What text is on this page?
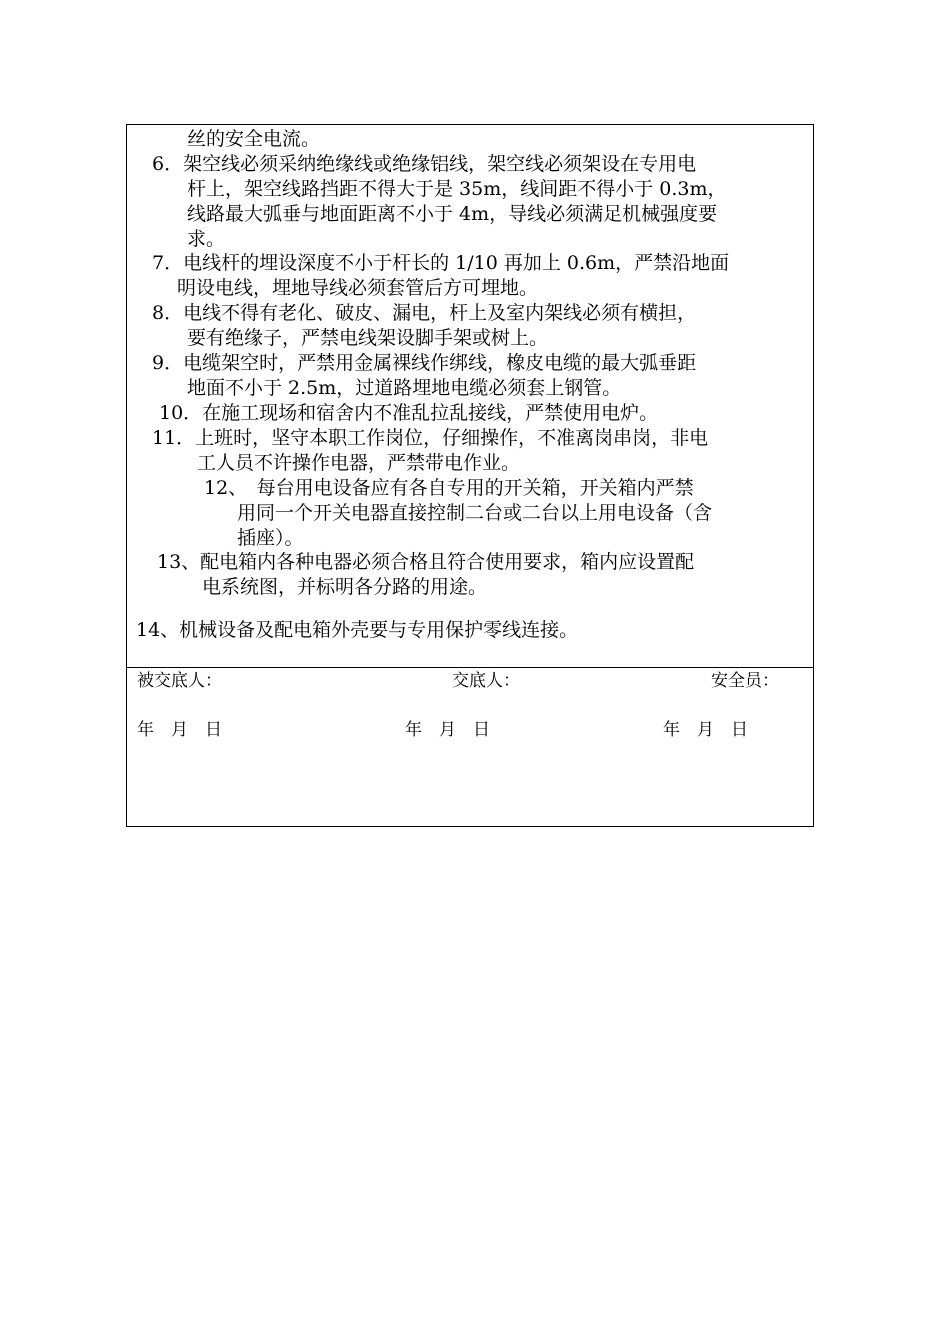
丝的安全电流。
6．架空线必须采纳绝缘线或绝缘铝线，架空线必须架设在专用电
杆上，架空线路挡距不得大于是 35m，线间距不得小于 0.3m，
线路最大弧垂与地面距离不小于 4m，导线必须满足机械强度要
求。
7．电线杆的埋设深度不小于杆长的 1/10 再加上 0.6m，严禁沿地面
明设电线，埋地导线必须套管后方可埋地。
8．电线不得有老化、破皮、漏电，杆上及室内架线必须有横担，
要有绝缘子，严禁电线架设脚手架或树上。
9．电缆架空时，严禁用金属裸线作绑线，橡皮电缆的最大弧垂距
地面不小于 2.5m，过道路埋地电缆必须套上钢管。
10．在施工现场和宿舍内不准乱拉乱接线，严禁使用电炉。
11．上班时，坚守本职工作岗位，仔细操作，不准离岗串岗，非电
工人员不许操作电器，严禁带电作业。
12、　每台用电设备应有各自专用的开关箱，开关箱内严禁
用同一个开关电器直接控制二台或二台以上用电设备（含
插座）。
13、配电箱内各种电器必须合格且符合使用要求，箱内应设置配
电系统图，并标明各分路的用途。
14、机械设备及配电箱外壳要与专用保护零线连接。
被交底人：	交底人：	安全员：
年　月　日	年　月　日	年　月　日
